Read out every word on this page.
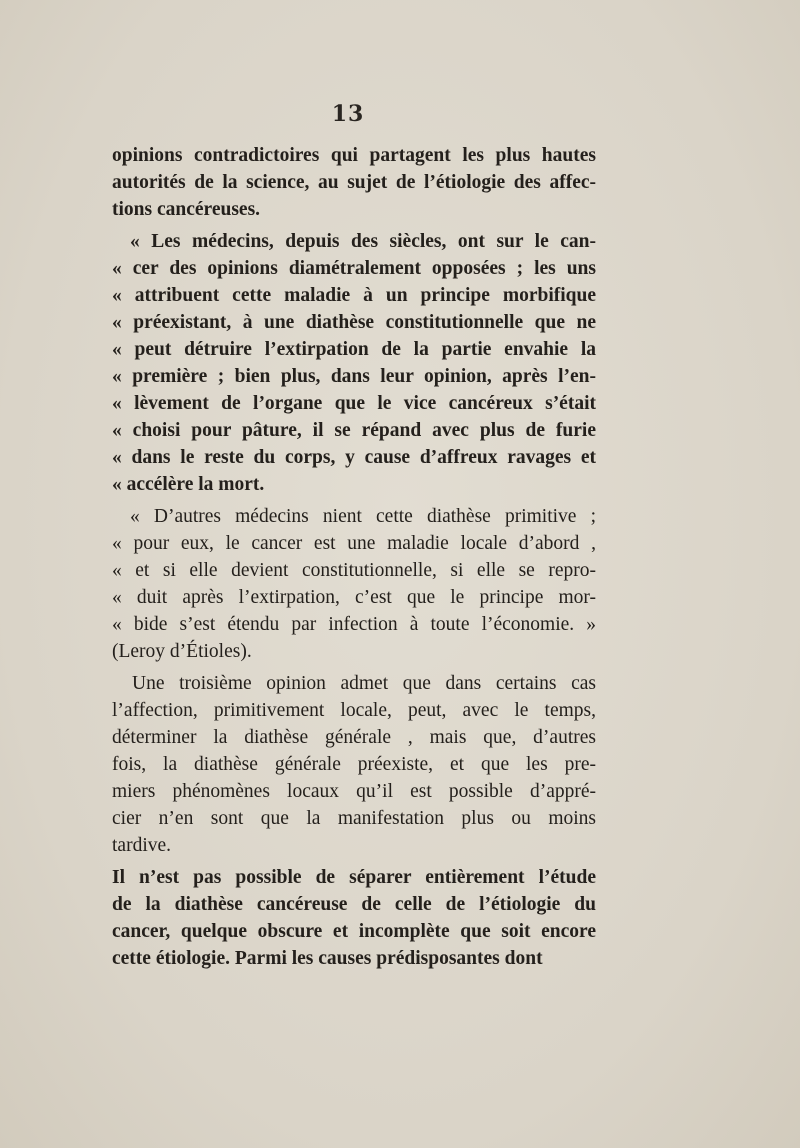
13
opinions contradictoires qui partagent les plus hautes
autorités de la science, au sujet de l’étiologie des affec-
tions cancéreuses.
« Les médecins, depuis des siècles, ont sur le can-
« cer des opinions diamétralement opposées ; les uns
« attribuent cette maladie à un principe morbifique
« préexistant, à une diathèse constitutionnelle que ne
« peut détruire l’extirpation de la partie envahie la
« première ; bien plus, dans leur opinion, après l’en-
« lèvement de l’organe que le vice cancéreux s’était
« choisi pour pâture, il se répand avec plus de furie
« dans le reste du corps, y cause d’affreux ravages et
« accélère la mort.
« D’autres médecins nient cette diathèse primitive ;
« pour eux, le cancer est une maladie locale d’abord ,
« et si elle devient constitutionnelle, si elle se repro-
« duit après l’extirpation, c’est que le principe mor-
« bide s’est étendu par infection à toute l’économie. »
(Leroy d’Étioles).
Une troisième opinion admet que dans certains cas
l’affection, primitivement locale, peut, avec le temps,
déterminer la diathèse générale , mais que, d’autres
fois, la diathèse générale préexiste, et que les pre-
miers phénomènes locaux qu’il est possible d’appré-
cier n’en sont que la manifestation plus ou moins
tardive.
Il n’est pas possible de séparer entièrement l’étude
de la diathèse cancéreuse de celle de l’étiologie du
cancer, quelque obscure et incomplète que soit encore
cette étiologie. Parmi les causes prédisposantes dont
